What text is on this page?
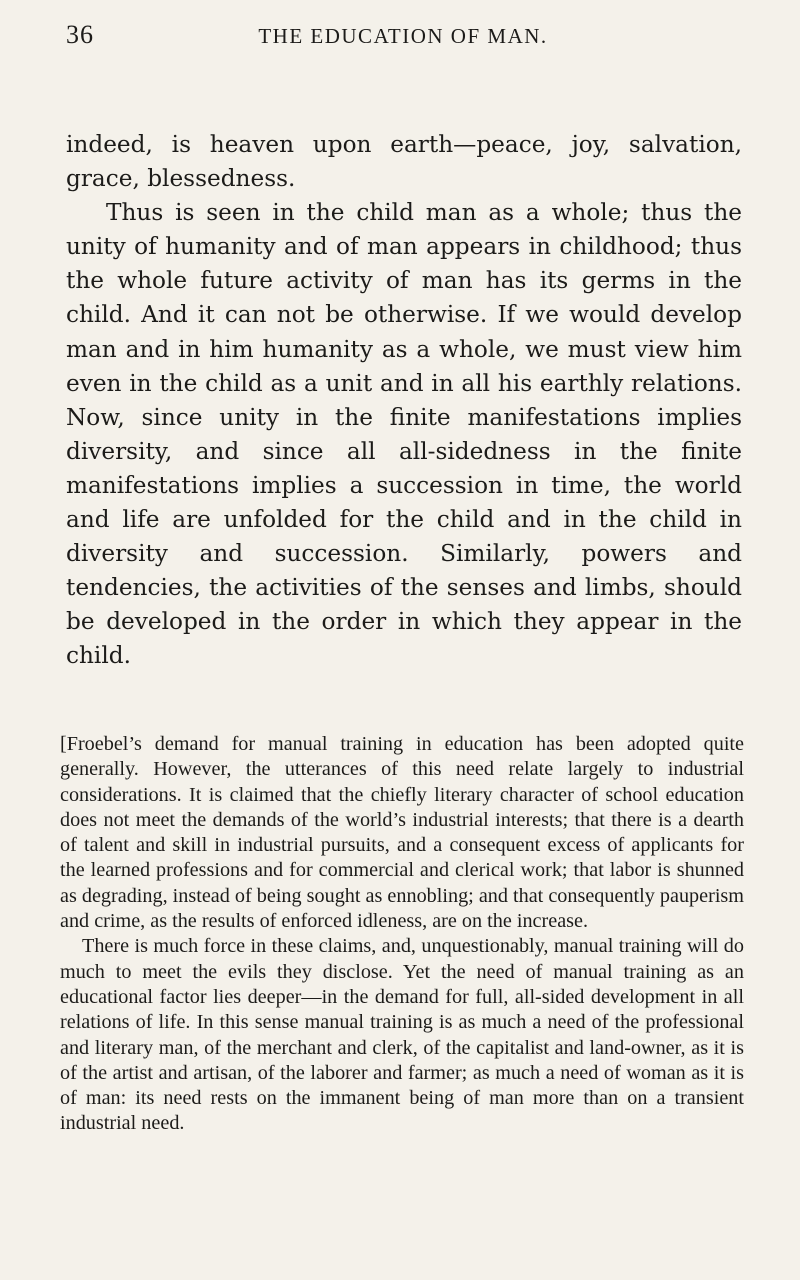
36	THE EDUCATION OF MAN.

indeed, is heaven upon earth—peace, joy, salvation, grace, blessedness.

Thus is seen in the child man as a whole; thus the unity of humanity and of man appears in childhood; thus the whole future activity of man has its germs in the child. And it can not be otherwise. If we would develop man and in him humanity as a whole, we must view him even in the child as a unit and in all his earthly relations. Now, since unity in the finite manifestations implies diversity, and since all all-sidedness in the finite manifestations implies a succession in time, the world and life are unfolded for the child and in the child in diversity and succession. Similarly, powers and tendencies, the activities of the senses and limbs, should be developed in the order in which they appear in the child.

[Froebel’s demand for manual training in education has been adopted quite generally. However, the utterances of this need relate largely to industrial considerations. It is claimed that the chiefly literary character of school education does not meet the demands of the world’s industrial interests; that there is a dearth of talent and skill in industrial pursuits, and a consequent excess of applicants for the learned professions and for commercial and clerical work; that labor is shunned as degrading, instead of being sought as ennobling; and that consequently pauperism and crime, as the results of enforced idleness, are on the increase.

There is much force in these claims, and, unquestionably, manual training will do much to meet the evils they disclose. Yet the need of manual training as an educational factor lies deeper—in the demand for full, all-sided development in all relations of life. In this sense manual training is as much a need of the professional and literary man, of the merchant and clerk, of the capitalist and land-owner, as it is of the artist and artisan, of the laborer and farmer; as much a need of woman as it is of man: its need rests on the immanent being of man more than on a transient industrial need.
